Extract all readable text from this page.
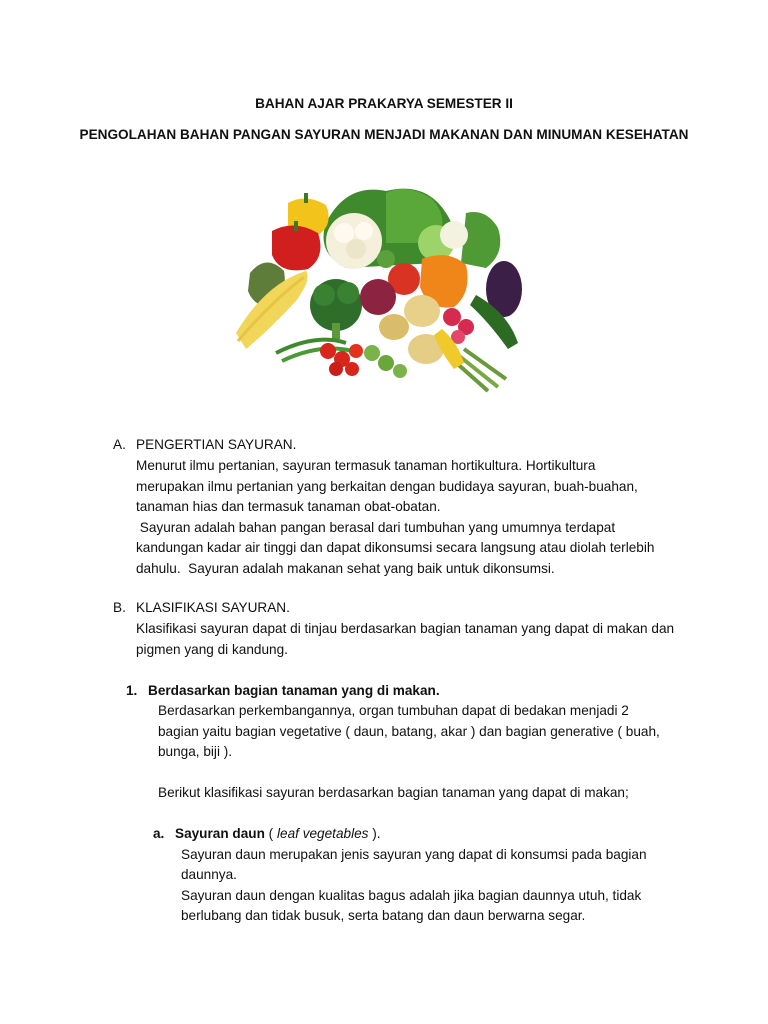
BAHAN AJAR PRAKARYA SEMESTER II
PENGOLAHAN BAHAN PANGAN SAYURAN MENJADI MAKANAN DAN MINUMAN KESEHATAN
A. PENGERTIAN SAYURAN.
Menurut ilmu pertanian, sayuran termasuk tanaman hortikultura. Hortikultura
merupakan ilmu pertanian yang berkaitan dengan budidaya sayuran, buah-buahan,
tanaman hias dan termasuk tanaman obat-obatan.
Sayuran adalah bahan pangan berasal dari tumbuhan yang umumnya terdapat
kandungan kadar air tinggi dan dapat dikonsumsi secara langsung atau diolah terlebih
dahulu.  Sayuran adalah makanan sehat yang baik untuk dikonsumsi.
B. KLASIFIKASI SAYURAN.
Klasifikasi sayuran dapat di tinjau berdasarkan bagian tanaman yang dapat di makan dan
pigmen yang di kandung.
1. Berdasarkan bagian tanaman yang di makan.
Berdasarkan perkembangannya, organ tumbuhan dapat di bedakan menjadi 2
bagian yaitu bagian vegetative ( daun, batang, akar ) dan bagian generative ( buah,
bunga, biji ).
Berikut klasifikasi sayuran berdasarkan bagian tanaman yang dapat di makan;
a. Sayuran daun ( leaf vegetables ).
Sayuran daun merupakan jenis sayuran yang dapat di konsumsi pada bagian
daunnya.
Sayuran daun dengan kualitas bagus adalah jika bagian daunnya utuh, tidak
berlubang dan tidak busuk, serta batang dan daun berwarna segar.
